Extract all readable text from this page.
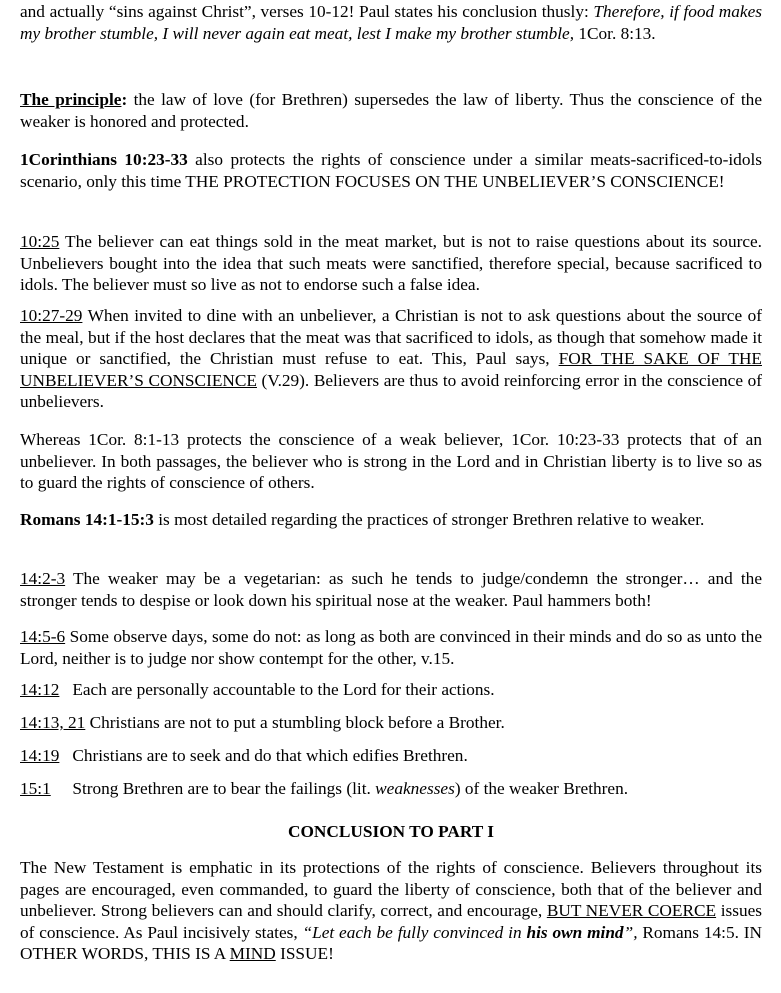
and actually “sins against Christ”, verses 10-12! Paul states his conclusion thusly: Therefore, if food makes my brother stumble, I will never again eat meat, lest I make my brother stumble, 1Cor. 8:13.

The principle: the law of love (for Brethren) supersedes the law of liberty. Thus the conscience of the weaker is honored and protected.

1Corinthians 10:23-33 also protects the rights of conscience under a similar meats-sacrificed-to-idols scenario, only this time THE PROTECTION FOCUSES ON THE UNBELIEVER’S CONSCIENCE!

10:25 The believer can eat things sold in the meat market, but is not to raise questions about its source. Unbelievers bought into the idea that such meats were sanctified, therefore special, because sacrificed to idols. The believer must so live as not to endorse such a false idea.

10:27-29 When invited to dine with an unbeliever, a Christian is not to ask questions about the source of the meal, but if the host declares that the meat was that sacrificed to idols, as though that somehow made it unique or sanctified, the Christian must refuse to eat. This, Paul says, FOR THE SAKE OF THE UNBELIEVER’S CONSCIENCE (V.29). Believers are thus to avoid reinforcing error in the conscience of unbelievers.

Whereas 1Cor. 8:1-13 protects the conscience of a weak believer, 1Cor. 10:23-33 protects that of an unbeliever. In both passages, the believer who is strong in the Lord and in Christian liberty is to live so as to guard the rights of conscience of others.

Romans 14:1-15:3 is most detailed regarding the practices of stronger Brethren relative to weaker.

14:2-3 The weaker may be a vegetarian: as such he tends to judge/condemn the stronger… and the stronger tends to despise or look down his spiritual nose at the weaker. Paul hammers both!

14:5-6 Some observe days, some do not: as long as both are convinced in their minds and do so as unto the Lord, neither is to judge nor show contempt for the other, v.15.

14:12   Each are personally accountable to the Lord for their actions.

14:13, 21 Christians are not to put a stumbling block before a Brother.

14:19   Christians are to seek and do that which edifies Brethren.

15:1     Strong Brethren are to bear the failings (lit. weaknesses) of the weaker Brethren.

CONCLUSION TO PART I

The New Testament is emphatic in its protections of the rights of conscience. Believers throughout its pages are encouraged, even commanded, to guard the liberty of conscience, both that of the believer and unbeliever. Strong believers can and should clarify, correct, and encourage, BUT NEVER COERCE issues of conscience. As Paul incisively states, “Let each be fully convinced in his own mind”, Romans 14:5. IN OTHER WORDS, THIS IS A MIND ISSUE!
